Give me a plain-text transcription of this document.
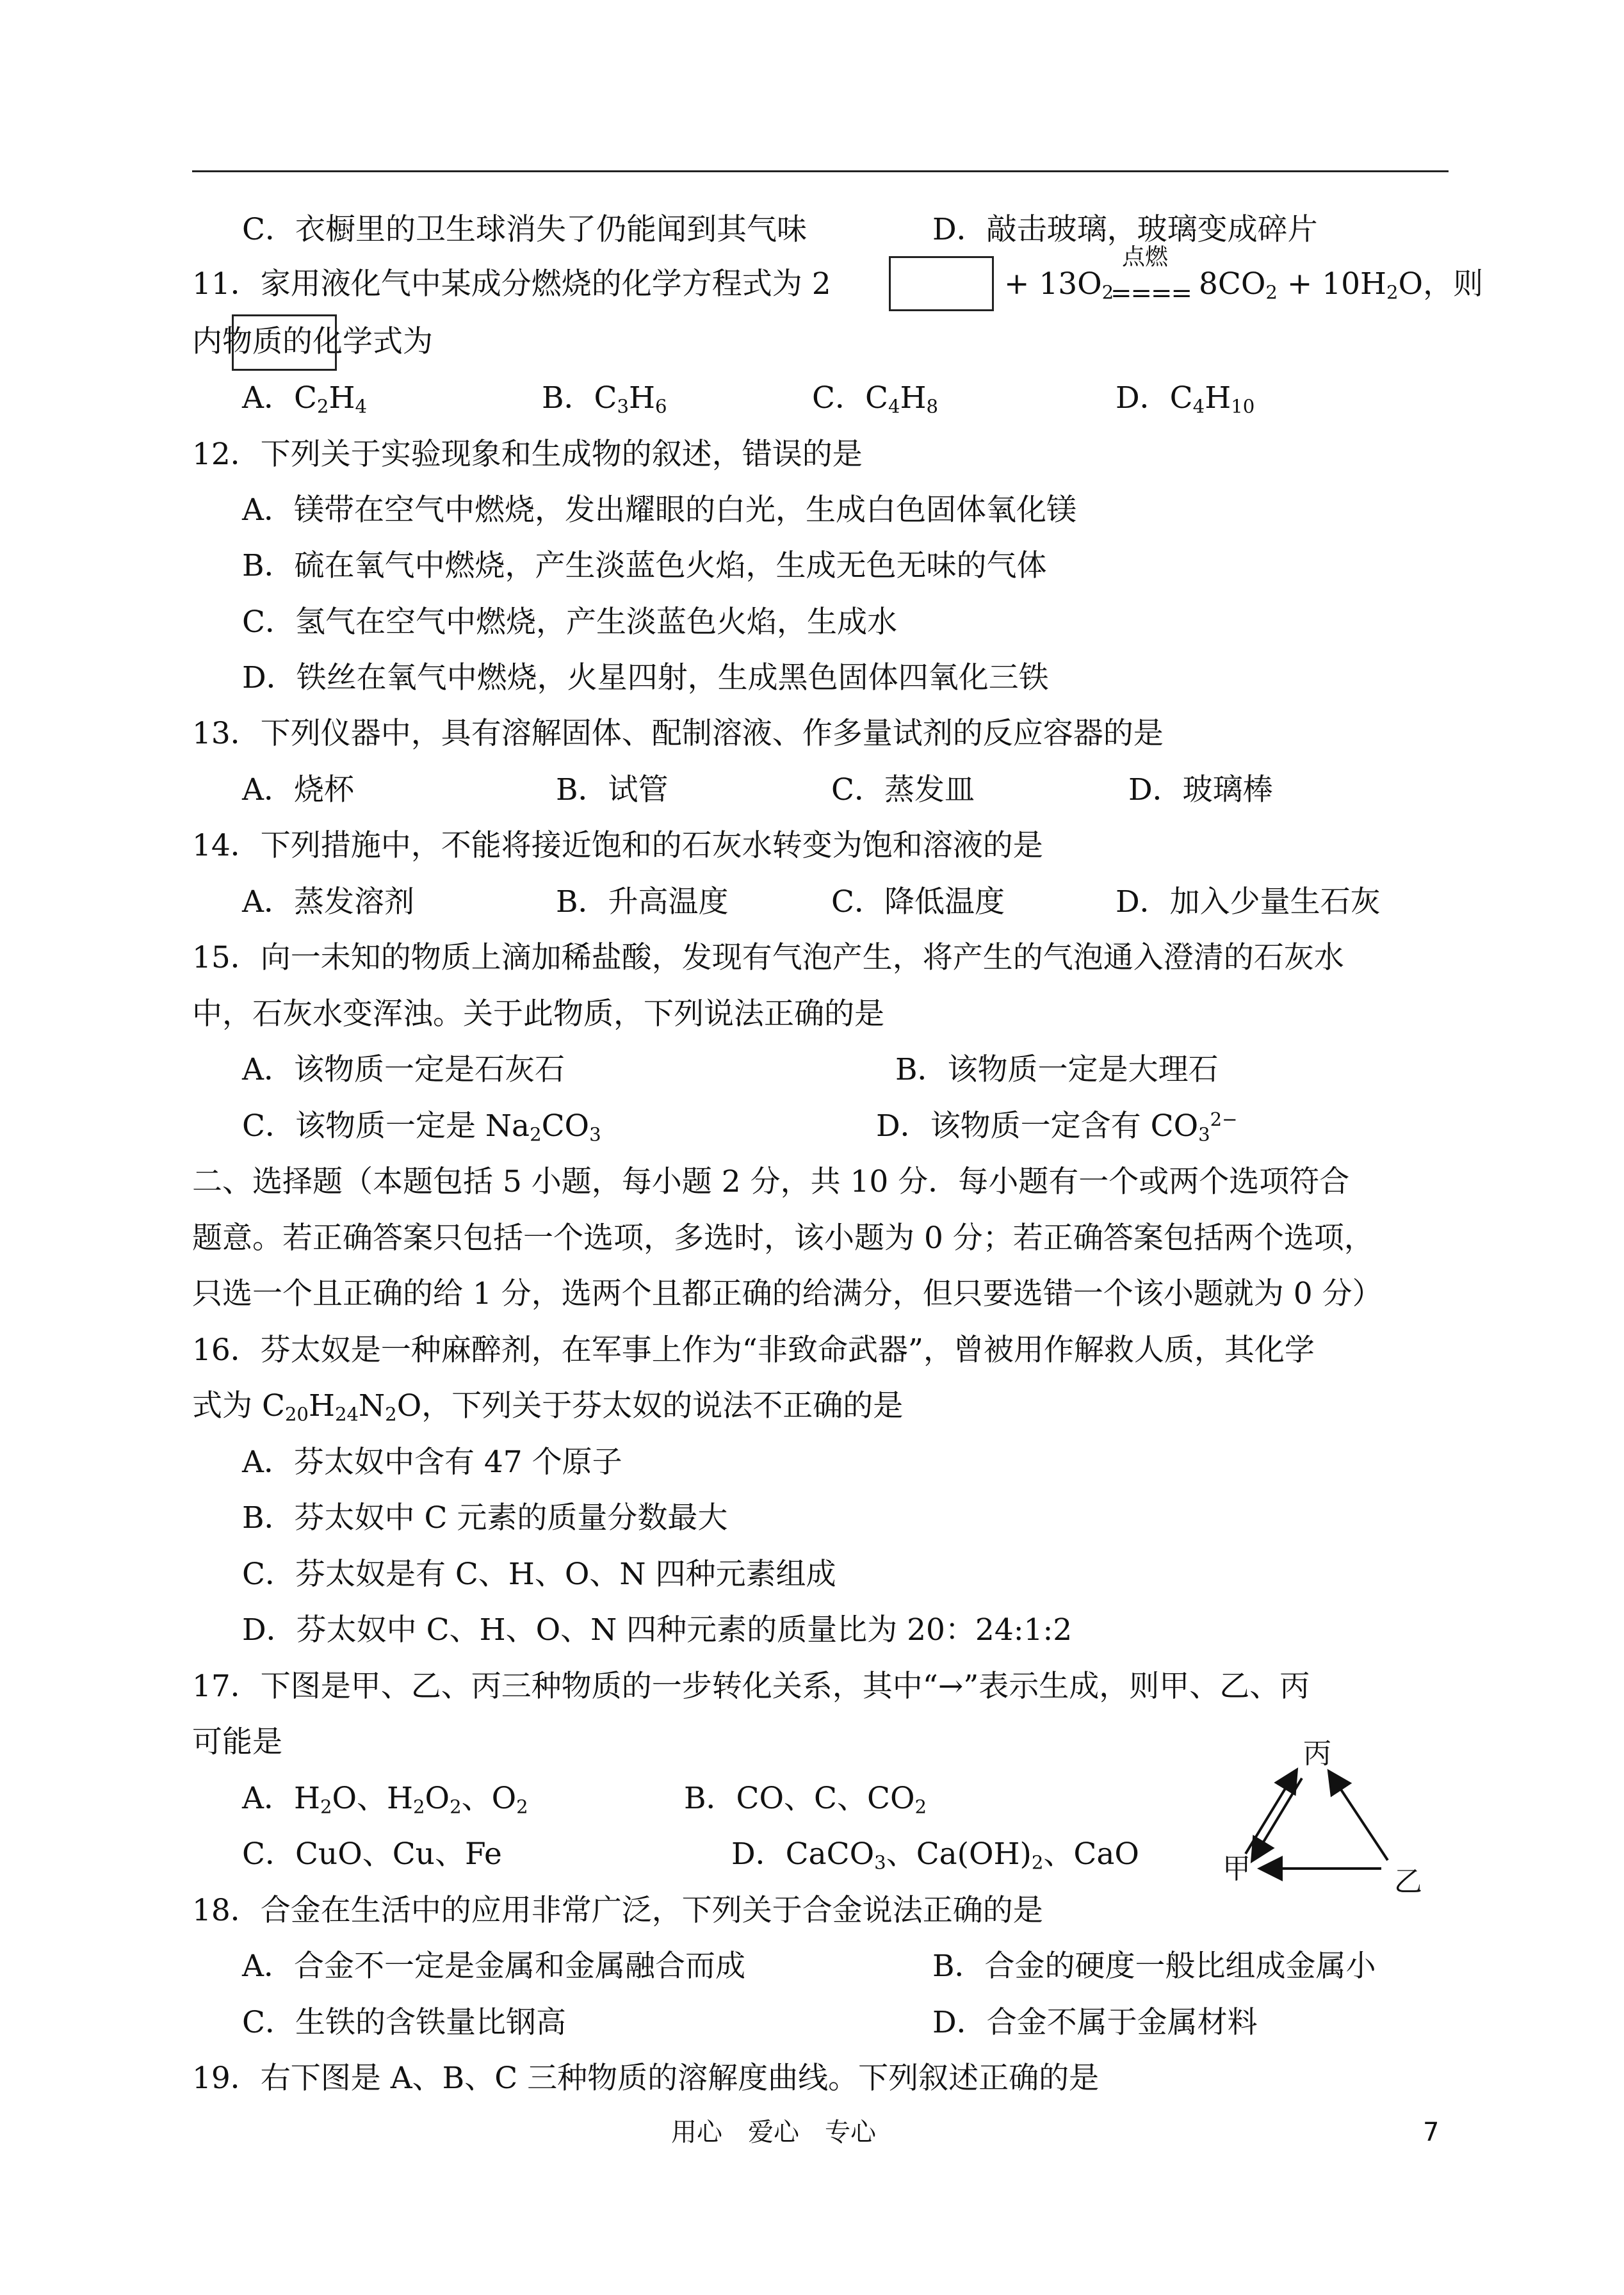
C．衣橱里的卫生球消失了仍能闻到其气味	D．敲击玻璃，玻璃变成碎片
11．家用液化气中某成分燃烧的化学方程式为 2	+ $13O_2$
点燃
==== $8CO_2 + 10H_2O$，则
内物质的化学式为
A．$C_2H_4$	B．$C_3H_6$	C．$C_4H_8$	D．$C_4H_{10}$
12．下列关于实验现象和生成物的叙述，错误的是
A．镁带在空气中燃烧，发出耀眼的白光，生成白色固体氧化镁
B．硫在氧气中燃烧，产生淡蓝色火焰，生成无色无味的气体
C．氢气在空气中燃烧，产生淡蓝色火焰，生成水
D．铁丝在氧气中燃烧，火星四射，生成黑色固体四氧化三铁
13．下列仪器中，具有溶解固体、配制溶液、作多量试剂的反应容器的是
A．烧杯	B．试管	C．蒸发皿	D．玻璃棒
14．下列措施中，不能将接近饱和的石灰水转变为饱和溶液的是
A．蒸发溶剂	B．升高温度	C．降低温度	D．加入少量生石灰
15．向一未知的物质上滴加稀盐酸，发现有气泡产生，将产生的气泡通入澄清的石灰水
中，石灰水变浑浊。关于此物质，下列说法正确的是
A．该物质一定是石灰石	B．该物质一定是大理石
C．该物质一定是 $Na_2CO_3$	D．该物质一定含有 $CO_3^{2-}$
二、选择题（本题包括 5 小题，每小题 2 分，共 10 分．每小题有一个或两个选项符合
题意。若正确答案只包括一个选项，多选时，该小题为 0 分；若正确答案包括两个选项，
只选一个且正确的给 1 分，选两个且都正确的给满分，但只要选错一个该小题就为 0 分）
16．芬太奴是一种麻醉剂，在军事上作为“非致命武器”，曾被用作解救人质，其化学
式为 $C_{20}H_{24}N_2O$，下列关于芬太奴的说法不正确的是
A．芬太奴中含有 47 个原子
B．芬太奴中 C 元素的质量分数最大
C．芬太奴是有 C、H、O、N 四种元素组成
D．芬太奴中 C、H、O、N 四种元素的质量比为 20：24:1:2
17．下图是甲、乙、丙三种物质的一步转化关系，其中“→”表示生成，则甲、乙、丙
可能是
A．$H_2O$、$H_2O_2$、$O_2$	B．CO、C、$CO_2$
C．CuO、Cu、Fe	D．CaCO$_3$、$Ca(OH)_2$、CaO
丙
甲	乙
18．合金在生活中的应用非常广泛，下列关于合金说法正确的是
A．合金不一定是金属和金属融合而成	B．合金的硬度一般比组成金属小
C．生铁的含铁量比钢高	D．合金不属于金属材料
19．右下图是 A、B、C 三种物质的溶解度曲线。下列叙述正确的是
用心　爱心　专心	7
